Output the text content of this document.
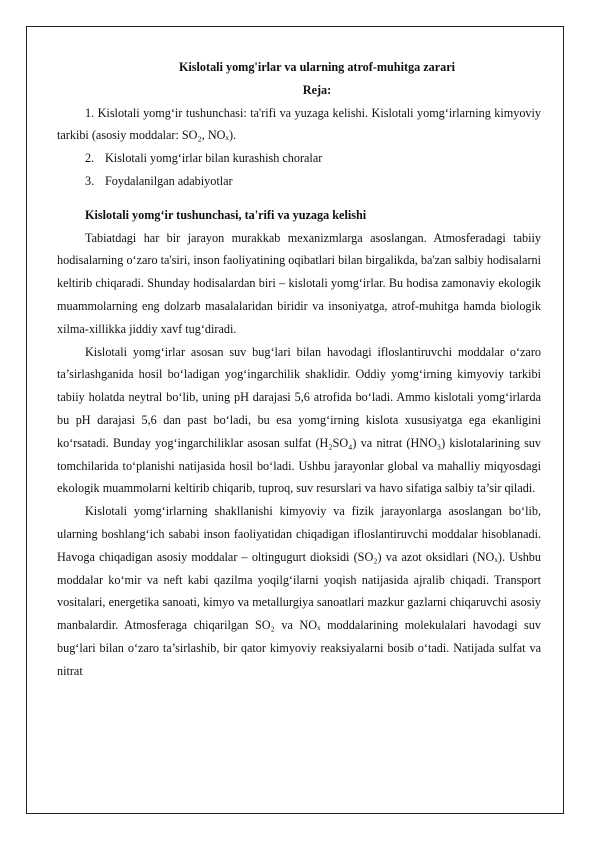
Kislotali yomg'irlar va ularning atrof-muhitga zarari
Reja:
1. Kislotali yomg‘ir tushunchasi: ta'rifi va yuzaga kelishi. Kislotali yomg‘irlarning kimyoviy tarkibi (asosiy moddalar: SO₂, NOₓ).
2. Kislotali yomg‘irlar bilan kurashish choralar
3. Foydalanilgan adabiyotlar
Kislotali yomg‘ir tushunchasi, ta'rifi va yuzaga kelishi

Tabiatdagi har bir jarayon murakkab mexanizmlarga asoslangan. Atmosferadagi tabiiy hodisalarning o‘zaro ta'siri, inson faoliyatining oqibatlari bilan birgalikda, ba'zan salbiy hodisalarni keltirib chiqaradi. Shunday hodisalardan biri – kislotali yomg‘irlar. Bu hodisa zamonaviy ekologik muammolarning eng dolzarb masalalaridan biridir va insoniyatga, atrof-muhitga hamda biologik xilma-xillikka jiddiy xavf tug‘diradi.

Kislotali yomg‘irlar asosan suv bug‘lari bilan havodagi ifloslantiruvchi moddalar o‘zaro ta’sirlashganida hosil bo‘ladigan yog‘ingarchilik shaklidir. Oddiy yomg‘irning kimyoviy tarkibi tabiiy holatda neytral bo‘lib, uning pH darajasi 5,6 atrofida bo‘ladi. Ammo kislotali yomg‘irlarda bu pH darajasi 5,6 dan past bo‘ladi, bu esa yomg‘irning kislota xususiyatga ega ekanligini ko‘rsatadi. Bunday yog‘ingarchiliklar asosan sulfat (H₂SO₄) va nitrat (HNO₃) kislotalarining suv tomchilarida to‘planishi natijasida hosil bo‘ladi. Ushbu jarayonlar global va mahalliy miqyosdagi ekologik muammolarni keltirib chiqarib, tuproq, suv resurslari va havo sifatiga salbiy ta’sir qiladi.

Kislotali yomg‘irlarning shakllanishi kimyoviy va fizik jarayonlarga asoslangan bo‘lib, ularning boshlang‘ich sababi inson faoliyatidan chiqadigan ifloslantiruvchi moddalar hisoblanadi. Havoga chiqadigan asosiy moddalar – oltingugurt dioksidi (SO₂) va azot oksidlari (NOₓ). Ushbu moddalar ko‘mir va neft kabi qazilma yoqilg‘ilarni yoqish natijasida ajralib chiqadi. Transport vositalari, energetika sanoati, kimyo va metallurgiya sanoatlari mazkur gazlarni chiqaruvchi asosiy manbalardir. Atmosferaga chiqarilgan SO₂ va NOₓ moddalarining molekulalari havodagi suv bug‘lari bilan o‘zaro ta’sirlashib, bir qator kimyoviy reaksiyalarni bosib o‘tadi. Natijada sulfat va nitrat
